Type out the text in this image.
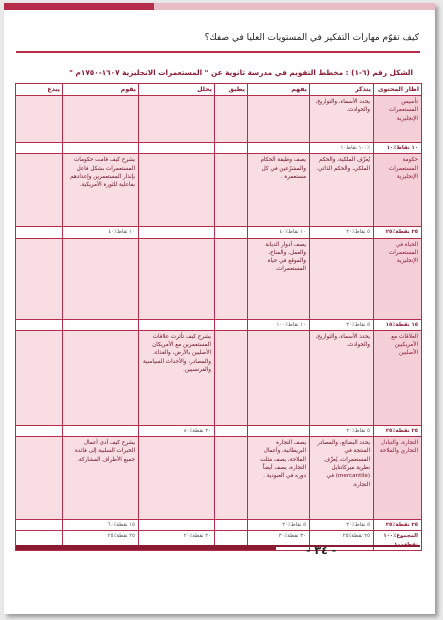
كيف تقوّم مهارات التفكير في المستويات العليا في صفك؟
الشكل رقم (٦-١) : مخطط التقويم في مدرسة ثانوية عن " المستعمرات الانجليزية ١٦٠٧-١٧٥٠م "
اطار المحتوى	يتذكر	يفهم	يطبق	يحلل	يقوم	يبدع
تأسيس المستعمرات الإنجليزية	يحدد الأسماء، والتواريخ، والحوادث.					
١٠ نقاط٪١٠	٪١٠٠ نقاط١٠					
حكومة المستعمرات الإنجليزية	يُعرِّف الملكية، والحكم الملكي، والحكم الذاتي.	يصف وظيفة الحكام والمشرّعين في كل مستعمرة .			يشرح كيف قامت حكومات المستعمرات بشكل فاعل بإنذار المستعمرين وإعدادهم بفاعلية للثورة الأمريكية.	
٢٥ نقطة٪٢٥	٥ نقاط٪٢٠	١٠ نقاط٪٤٠			١٠ نقاط٪٤٠	
الحياة في المستعمرات الإنجليزية		يصف أدوار الديانة والعمل، والمناخ، والموقع في حياة المستعمرات.				
١٥ نقطة٪١٥	٥ نقاط٪٢٠	١٠ نقاط٪١٠٠				
العلاقات مع الأمريكيين الأصليين	يحدد الأسماء، والتواريخ، والحوادث.			يشرح كيف تأثرت علاقات المستعمرين مع الأمريكان الأصليين بالأرض، والغذاء، والمصادر، والأحداث السياسية والفرنسيين.		
٢٥ نقطة٪٢٥	٥ نقاط٪٢٠			٢٠ نقطة٪٨٠		
التجارة، والتبادل التجاري والملاحة	يحدد البضائع، والمصادر المنتجة في المستعمرات، يُعرِّف نظرية ميركانتايل (mercantile) في التجارة.	يصف التجارة البريطانية، وأعمال الملاحة، يصف مثلث التجارة، يصف أيضاً دوره في العبودية .			يشرح كيف أدى أعمال الخبرات السلبية إلى فائدة جميع الأطراف المشاركة.	
٢٥ نقطة٪٢٥	٥ نقاط٪٢٠	٥ نقاط٪٢٠			١٥ نقطة٪٦٠	
المجموع٪١٠٠	٢٥ نقطة٪٢٥	٣٠ نقطة٪٣٠		٢٠ نقطة٪٢٠	٢٥ نقطة٪٢٥	
- ٣٤ -
